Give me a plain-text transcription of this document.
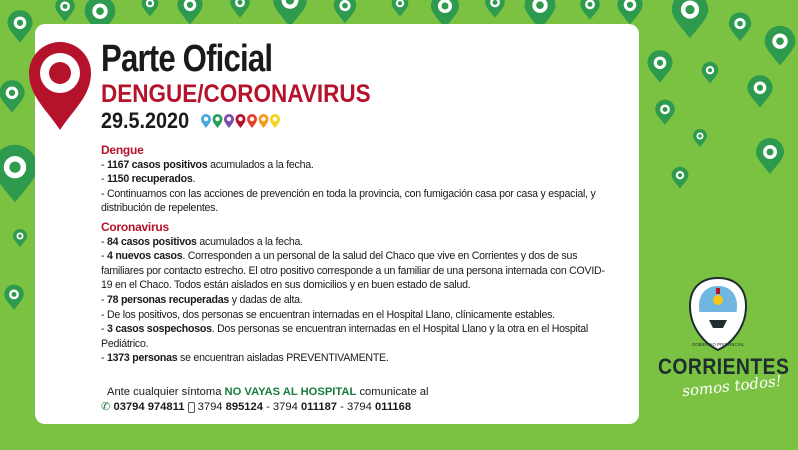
Parte Oficial
DENGUE/CORONAVIRUS
29.5.2020

Dengue

- 1167 casos positivos acumulados a la fecha.

- 1150 recuperados.

- Continuamos con las acciones de prevención en toda la provincia, con fumigación casa por casa y espacial, y distribución de repelentes.

Coronavirus

- 84 casos positivos acumulados a la fecha.

- 4 nuevos casos. Corresponden a un personal de la salud del Chaco que vive en Corrientes y dos de sus familiares por contacto estrecho. El otro positivo corresponde a un familiar de una persona internada con COVID-19 en el Chaco. Todos están aislados en sus domicilios y en buen estado de salud.

- 78 personas recuperadas y dadas de alta.

- De los positivos, dos personas se encuentran internadas en el Hospital Llano, clínicamente estables.

- 3 casos sospechosos. Dos personas se encuentran internadas en el Hospital Llano y la otra en el Hospital Pediátrico.

- 1373 personas se encuentran aisladas PREVENTIVAMENTE.

Ante cualquier síntoma NO VAYAS AL HOSPITAL comunicate al
✆ 03794 974811 3794 895124 - 3794 011187 - 3794 011168
GOBIERNO PROVINCIAL
CORRIENTES
somos todos!
